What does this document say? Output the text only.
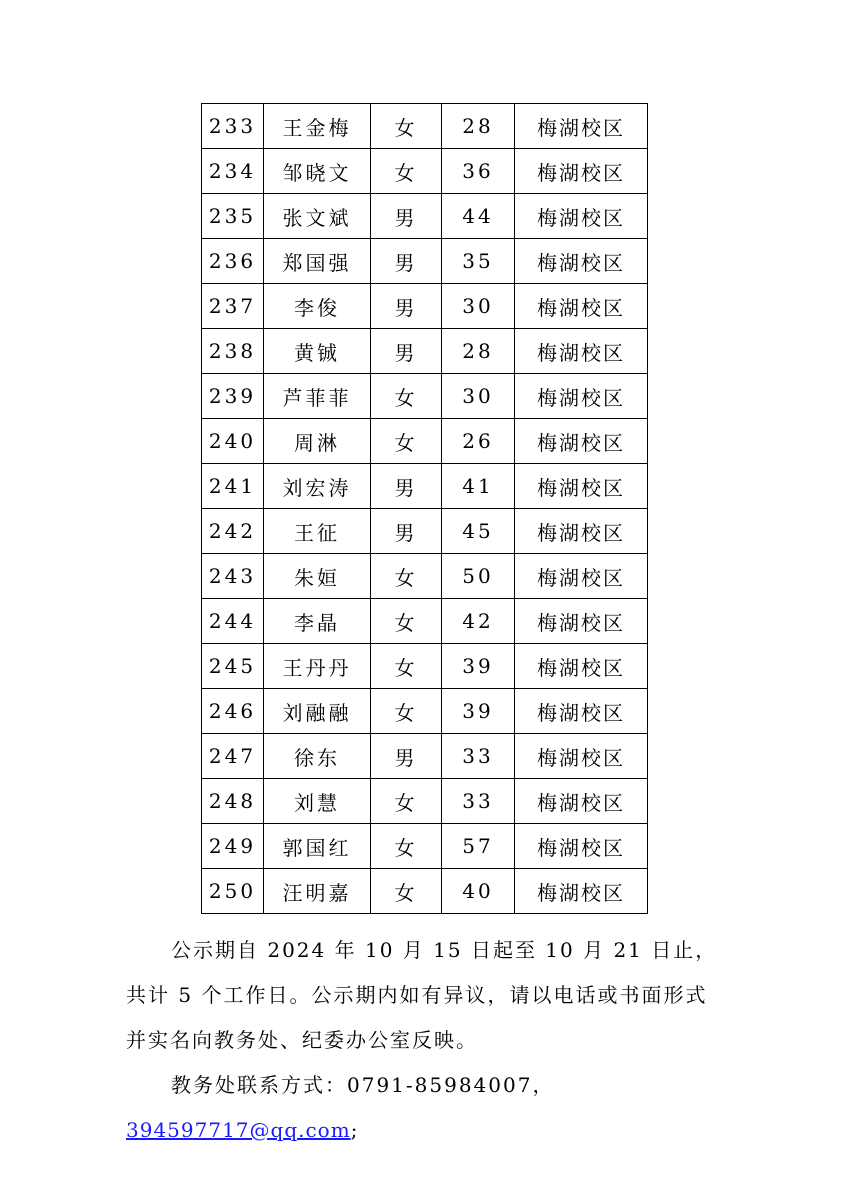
233	王金梅	女	28	梅湖校区
234	邹晓文	女	36	梅湖校区
235	张文斌	男	44	梅湖校区
236	郑国强	男	35	梅湖校区
237	李俊	男	30	梅湖校区
238	黄铖	男	28	梅湖校区
239	芦菲菲	女	30	梅湖校区
240	周淋	女	26	梅湖校区
241	刘宏涛	男	41	梅湖校区
242	王征	男	45	梅湖校区
243	朱姮	女	50	梅湖校区
244	李晶	女	42	梅湖校区
245	王丹丹	女	39	梅湖校区
246	刘融融	女	39	梅湖校区
247	徐东	男	33	梅湖校区
248	刘慧	女	33	梅湖校区
249	郭国红	女	57	梅湖校区
250	汪明嘉	女	40	梅湖校区

公示期自 2024 年 10 月 15 日起至 10 月 21 日止，共计 5 个工作日。公示期内如有异议，请以电话或书面形式并实名向教务处、纪委办公室反映。

教务处联系方式：0791-85984007，394597717@qq.com;
